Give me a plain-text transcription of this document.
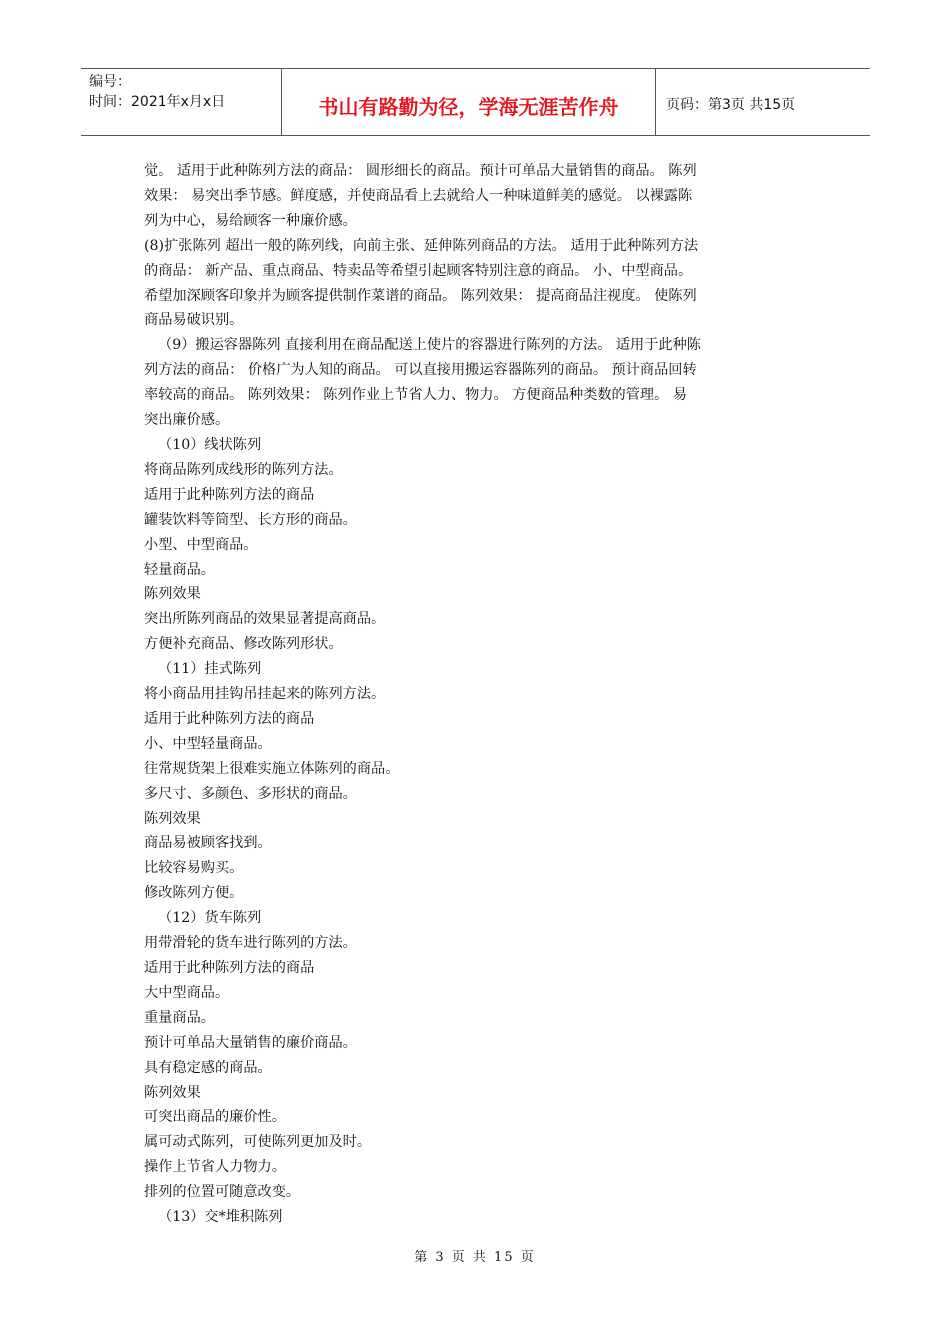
编号：
时间：2021年x月x日	书山有路勤为径，学海无涯苦作舟	页码：第3页 共15页

觉。 适用于此种陈列方法的商品： 圆形细长的商品。预计可单品大量销售的商品。 陈列

效果： 易突出季节感。鲜度感，并使商品看上去就给人一种味道鲜美的感觉。 以裸露陈

列为中心，易给顾客一种廉价感。

(8)扩张陈列 超出一般的陈列线，向前主张、延伸陈列商品的方法。 适用于此种陈列方法

的商品： 新产品、重点商品、特卖品等希望引起顾客特别注意的商品。 小、中型商品。

希望加深顾客印象并为顾客提供制作菜谱的商品。 陈列效果： 提高商品注视度。 使陈列

商品易破识别。

（9）搬运容器陈列 直接利用在商品配送上使片的容器进行陈列的方法。 适用于此种陈

列方法的商品： 价格广为人知的商品。 可以直接用搬运容器陈列的商品。 预计商品回转

率较高的商品。 陈列效果： 陈列作业上节省人力、物力。 方便商品种类数的管理。 易

突出廉价感。

（10）线状陈列

将商品陈列成线形的陈列方法。

适用于此种陈列方法的商品

罐装饮料等筒型、长方形的商品。

小型、中型商品。

轻量商品。

陈列效果

突出所陈列商品的效果显著提高商品。

方便补充商品、修改陈列形状。

（11）挂式陈列

将小商品用挂钩吊挂起来的陈列方法。

适用于此种陈列方法的商品

小、中型轻量商品。

往常规货架上很难实施立体陈列的商品。

多尺寸、多颜色、多形状的商品。

陈列效果

商品易被顾客找到。

比较容易购买。

修改陈列方便。

（12）货车陈列

用带滑轮的货车进行陈列的方法。

适用于此种陈列方法的商品

大中型商品。

重量商品。

预计可单品大量销售的廉价商品。

具有稳定感的商品。

陈列效果

可突出商品的廉价性。

属可动式陈列，可使陈列更加及时。

操作上节省人力物力。

排列的位置可随意改变。

（13）交*堆积陈列

第 3 页 共 15 页
